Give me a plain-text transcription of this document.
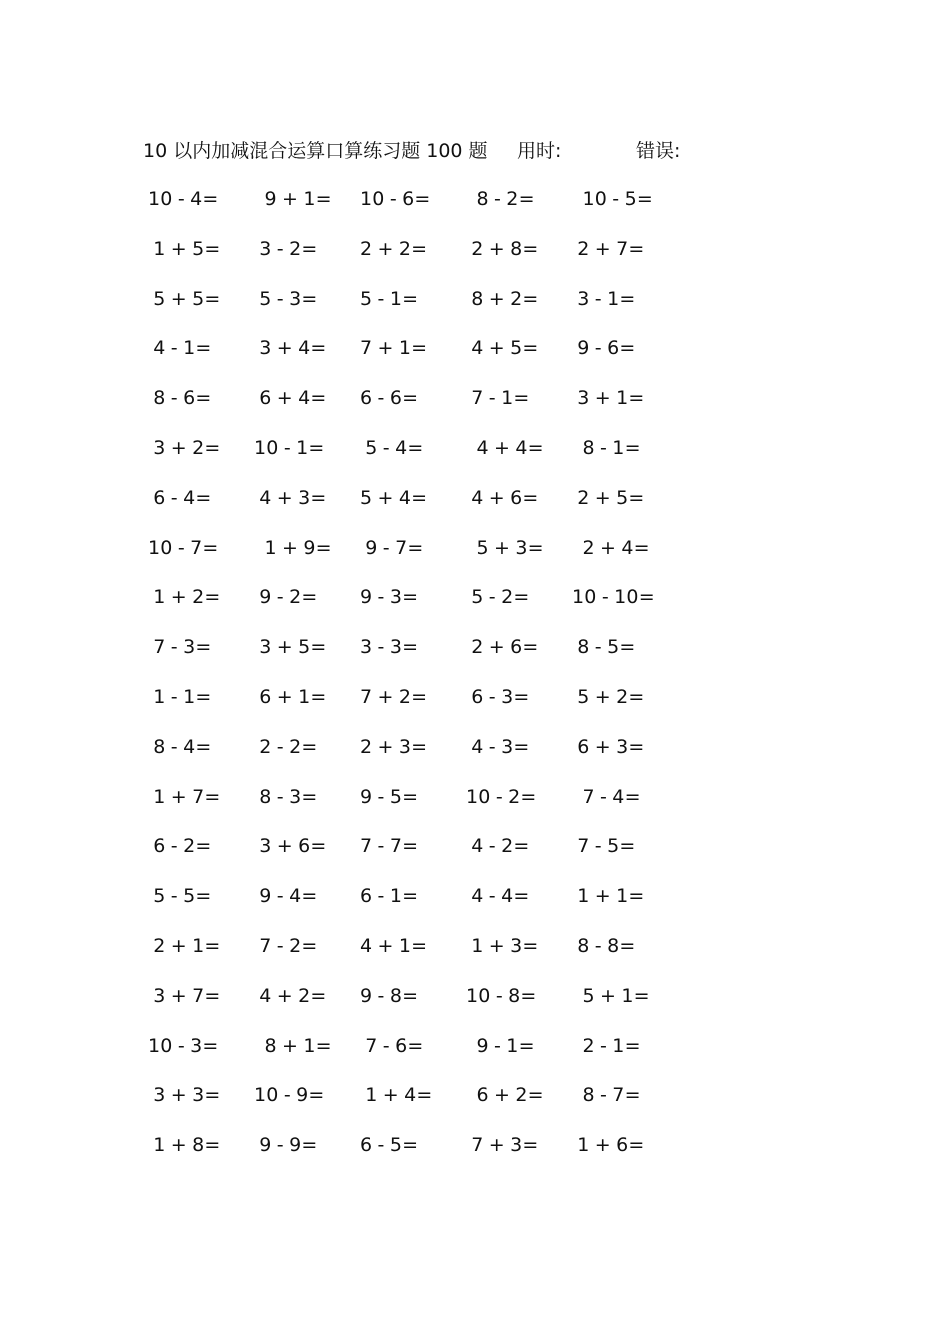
10 以内加减混合运算口算练习题 100 题 用时:	错误:
10 - 4=	9 + 1=	10 - 6=	8 - 2=	10 - 5=
1 + 5=	3 - 2=	2 + 2=	2 + 8=	2 + 7=
5 + 5=	5 - 3=	5 - 1=	8 + 2=	3 - 1=
4 - 1=	3 + 4=	7 + 1=	4 + 5=	9 - 6=
8 - 6=	6 + 4=	6 - 6=	7 - 1=	3 + 1=
3 + 2=	10 - 1=	5 - 4=	4 + 4=	8 - 1=
6 - 4=	4 + 3=	5 + 4=	4 + 6=	2 + 5=
10 - 7=	1 + 9=	9 - 7=	5 + 3=	2 + 4=
1 + 2=	9 - 2=	9 - 3=	5 - 2=	10 - 10=
7 - 3=	3 + 5=	3 - 3=	2 + 6=	8 - 5=
1 - 1=	6 + 1=	7 + 2=	6 - 3=	5 + 2=
8 - 4=	2 - 2=	2 + 3=	4 - 3=	6 + 3=
1 + 7=	8 - 3=	9 - 5=	10 - 2=	7 - 4=
6 - 2=	3 + 6=	7 - 7=	4 - 2=	7 - 5=
5 - 5=	9 - 4=	6 - 1=	4 - 4=	1 + 1=
2 + 1=	7 - 2=	4 + 1=	1 + 3=	8 - 8=
3 + 7=	4 + 2=	9 - 8=	10 - 8=	5 + 1=
10 - 3=	8 + 1=	7 - 6=	9 - 1=	2 - 1=
3 + 3=	10 - 9=	1 + 4=	6 + 2=	8 - 7=
1 + 8=	9 - 9=	6 - 5=	7 + 3=	1 + 6=
